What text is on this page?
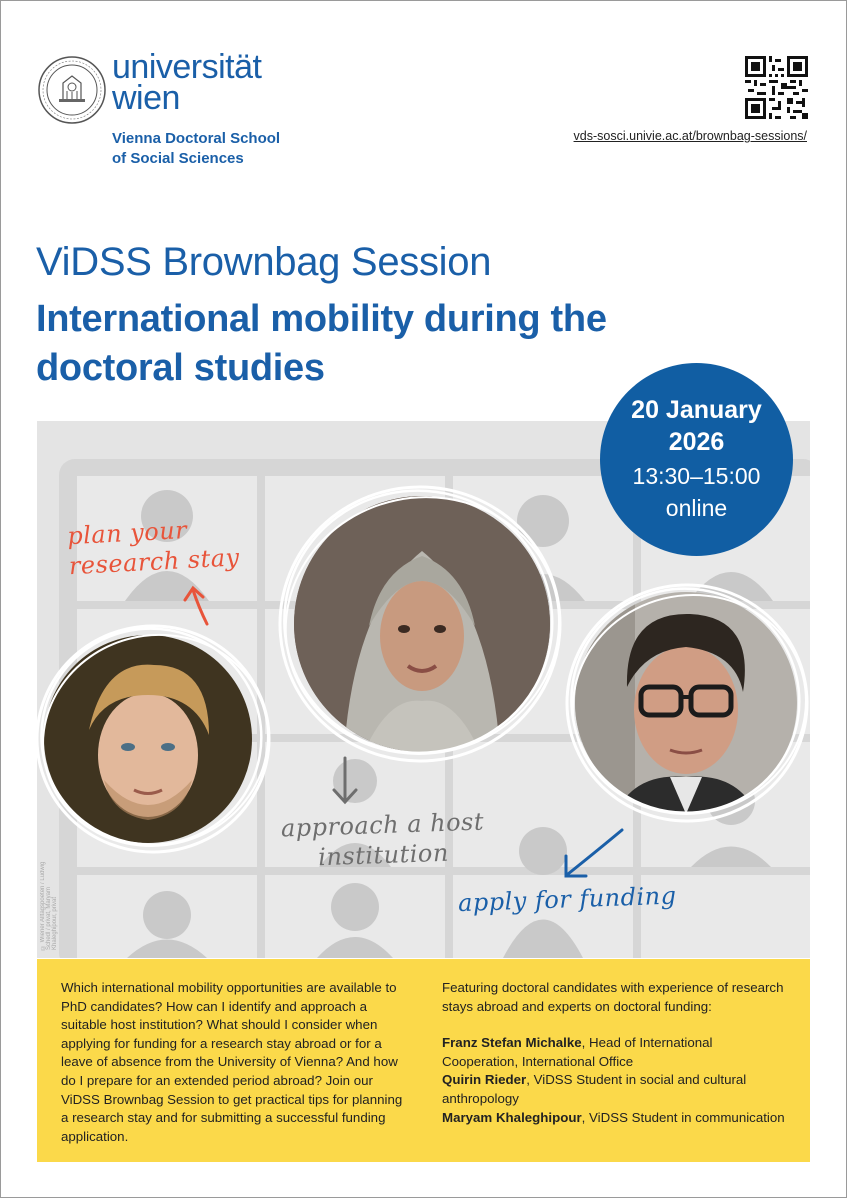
universität
wien
Vienna Doctoral School
of Social Sciences
vds-sosci.univie.ac.at/brownbag-sessions/
ViDSS Brownbag Session
International mobility during the doctoral studies
20 January 2026
13:30–15:00
online
plan your research stay
approach a host institution
apply for funding
© Wiener Alltagspoeten / Ludwig Schedl / privat, Maryam Khaleghipour, privat

Which international mobility opportunities are available to PhD candidates? How can I identify and approach a suitable host institution? What should I consider when applying for funding for a research stay abroad or for a leave of absence from the University of Vienna? And how do I prepare for an extended period abroad? Join our ViDSS Brownbag Session to get practical tips for planning a research stay and for submitting a successful funding application.

Featuring doctoral candidates with experience of research stays abroad and experts on doctoral funding:

Franz Stefan Michalke, Head of International Cooperation, International Office

Quirin Rieder, ViDSS Student in social and cultural anthropology

Maryam Khaleghipour, ViDSS Student in communication
